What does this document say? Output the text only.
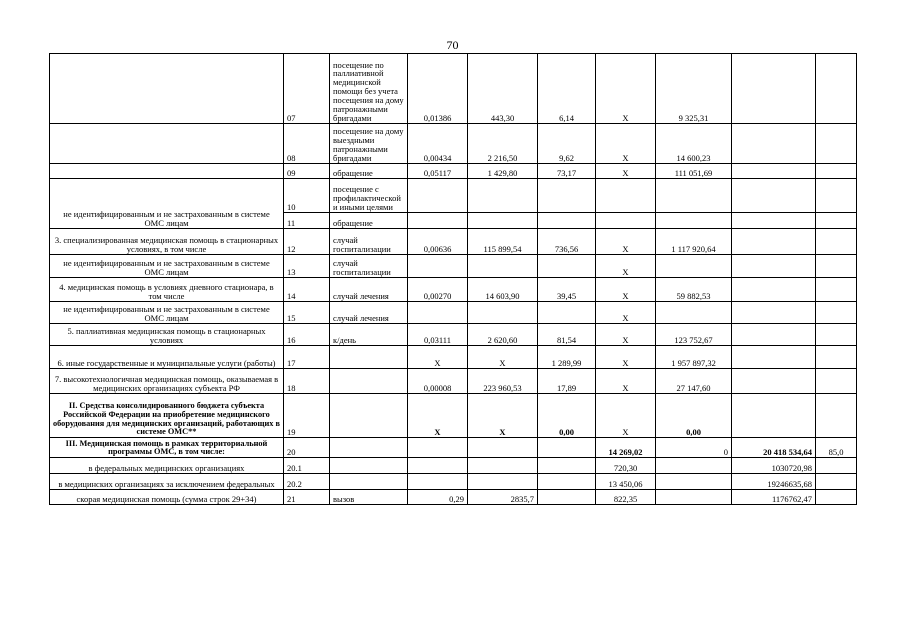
70
	07	посещение по паллиативной медицинской помощи без учета посещения на дому патронажными бригадами	0,01386	443,30	6,14	X	9 325,31		
	08	посещение на дому выездными патронажными бригадами	0,00434	2 216,50	9,62	X	14 600,23		
	09	обращение	0,05117	1 429,80	73,17	X	111 051,69		
не идентифицированным и не застрахованным в системе ОМС лицам	10	посещение с профилактической и иными целями							
	11	обращение							
3. специализированная медицинская помощь в стационарных условиях, в том числе	12	случай госпитализации	0,00636	115 899,54	736,56	X	1 117 920,64		
не идентифицированным и не застрахованным в системе ОМС лицам	13	случай госпитализации				X			
4. медицинская помощь в условиях дневного стационара, в том числе	14	случай лечения	0,00270	14 603,90	39,45	X	59 882,53		
не идентифицированным и не застрахованным в системе ОМС лицам	15	случай лечения				X			
5. паллиативная медицинская помощь в стационарных условиях	16	к/день	0,03111	2 620,60	81,54	X	123 752,67		
6. иные государственные и муниципальные услуги (работы)	17		X	X	1 289,99	X	1 957 897,32		
7. высокотехнологичная медицинская помощь, оказываемая в медицинских организациях субъекта РФ	18		0,00008	223 960,53	17,89	X	27 147,60		
II. Средства консолидированного бюджета субъекта Российской Федерации на приобретение медицинского оборудования для медицинских организаций, работающих в системе ОМС**	19		X	X	0,00	X	0,00		
III. Медицинская помощь в рамках территориальной программы ОМС, в том числе:	20					14 269,02	0	20 418 534,64	85,0
в федеральных медицинских организациях	20.1					720,30		1030720,98	
в медицинских организациях за исключением федеральных	20.2					13 450,06		19246635,68	
скорая медицинская помощь (сумма строк 29+34)	21	вызов	0,29	2835,7		822,35		1176762,47	
